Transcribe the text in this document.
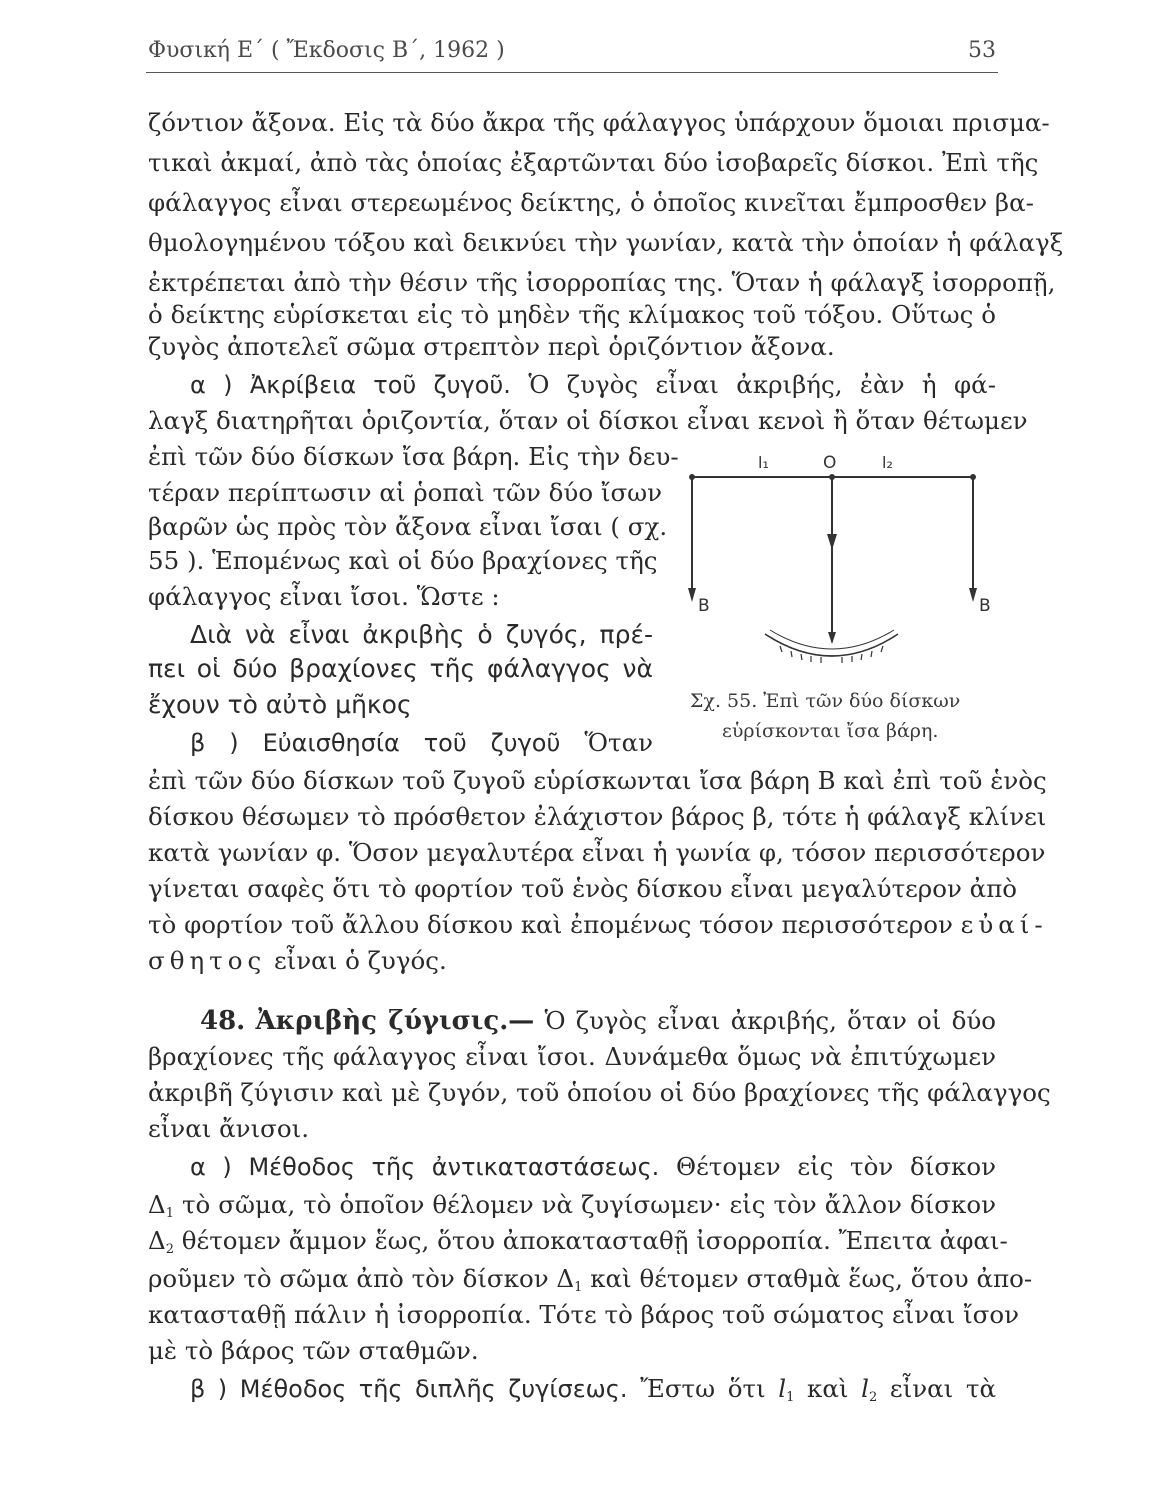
Φυσική Ε΄ ( Ἔκδοσις Β΄, 1962 )	53
ζόντιον ἄξονα. Εἰς τὰ δύο ἄκρα τῆς φάλαγγος ὑπάρχουν ὅμοιαι πρισμα-
τικαὶ ἀκμαί, ἀπὸ τὰς ὁποίας ἐξαρτῶνται δύο ἰσοβαρεῖς δίσκοι. Ἐπὶ τῆς
φάλαγγος εἶναι στερεωμένος δείκτης, ὁ ὁποῖος κινεῖται ἔμπροσθεν βα-
θμολογημένου τόξου καὶ δεικνύει τὴν γωνίαν, κατὰ τὴν ὁποίαν ἡ φάλαγξ
ἐκτρέπεται ἀπὸ τὴν θέσιν τῆς ἰσορροπίας της. Ὅταν ἡ φάλαγξ ἰσορροπῇ,
ὁ δείκτης εὑρίσκεται εἰς τὸ μηδὲν τῆς κλίμακος τοῦ τόξου. Οὕτως ὁ
ζυγὸς ἀποτελεῖ σῶμα στρεπτὸν περὶ ὁριζόντιον ἄξονα.
α ) Ἀκρίβεια τοῦ ζυγοῦ. Ὁ ζυγὸς εἶναι ἀκριβής, ἐὰν ἡ φά-
λαγξ διατηρῆται ὁριζοντία, ὅταν οἱ δίσκοι εἶναι κενοὶ ἢ ὅταν θέτωμεν
ἐπὶ τῶν δύο δίσκων ἴσα βάρη. Εἰς τὴν δευ-
τέραν περίπτωσιν αἱ ῥοπαὶ τῶν δύο ἴσων
βαρῶν ὡς πρὸς τὸν ἄξονα εἶναι ἴσαι ( σχ.
55 ). Ἑπομένως καὶ οἱ δύο βραχίονες τῆς
φάλαγγος εἶναι ἴσοι. Ὥστε :
Διὰ νὰ εἶναι ἀκριβὴς ὁ ζυγός, πρέ-
πει οἱ δύο βραχίονες τῆς φάλαγγος νὰ
ἔχουν τὸ αὐτὸ μῆκος
β ) Εὐαισθησία τοῦ ζυγοῦ Ὅταν
ἐπὶ τῶν δύο δίσκων τοῦ ζυγοῦ εὑρίσκωνται ἴσα βάρη Β καὶ ἐπὶ τοῦ ἑνὸς
δίσκου θέσωμεν τὸ πρόσθετον ἐλάχιστον βάρος β, τότε ἡ φάλαγξ κλίνει
κατὰ γωνίαν φ. Ὅσον μεγαλυτέρα εἶναι ἡ γωνία φ, τόσον περισσότερον
γίνεται σαφὲς ὅτι τὸ φορτίον τοῦ ἑνὸς δίσκου εἶναι μεγαλύτερον ἀπὸ
τὸ φορτίον τοῦ ἄλλου δίσκου καὶ ἐπομένως τόσον περισσότερον εὐαί-
σθητος εἶναι ὁ ζυγός.
l₁	O	l₂
B	B
Σχ. 55. Ἐπὶ τῶν δύο δίσκων
εὑρίσκονται ἴσα βάρη.
48. Ἀκριβὴς ζύγισις.— Ὁ ζυγὸς εἶναι ἀκριβής, ὅταν οἱ δύο
βραχίονες τῆς φάλαγγος εἶναι ἴσοι. Δυνάμεθα ὅμως νὰ ἐπιτύχωμεν
ἀκριβῆ ζύγισιν καὶ μὲ ζυγόν, τοῦ ὁποίου οἱ δύο βραχίονες τῆς φάλαγγος
εἶναι ἄνισοι.
α ) Μέθοδος τῆς ἀντικαταστάσεως. Θέτομεν εἰς τὸν δίσκον
$\Delta_1$ τὸ σῶμα, τὸ ὁποῖον θέλομεν νὰ ζυγίσωμεν· εἰς τὸν ἄλλον δίσκον
$\Delta_2$ θέτομεν ἄμμον ἕως, ὅτου ἀποκατασταθῇ ἰσορροπία. Ἔπειτα ἀφαι-
ροῦμεν τὸ σῶμα ἀπὸ τὸν δίσκον $\Delta_1$ καὶ θέτομεν σταθμὰ ἕως, ὅτου ἀπο-
κατασταθῇ πάλιν ἡ ἰσορροπία. Τότε τὸ βάρος τοῦ σώματος εἶναι ἴσον
μὲ τὸ βάρος τῶν σταθμῶν.
β ) Μέθοδος τῆς διπλῆς ζυγίσεως. Ἔστω ὅτι $l_1$ καὶ $l_2$ εἶναι τὰ
